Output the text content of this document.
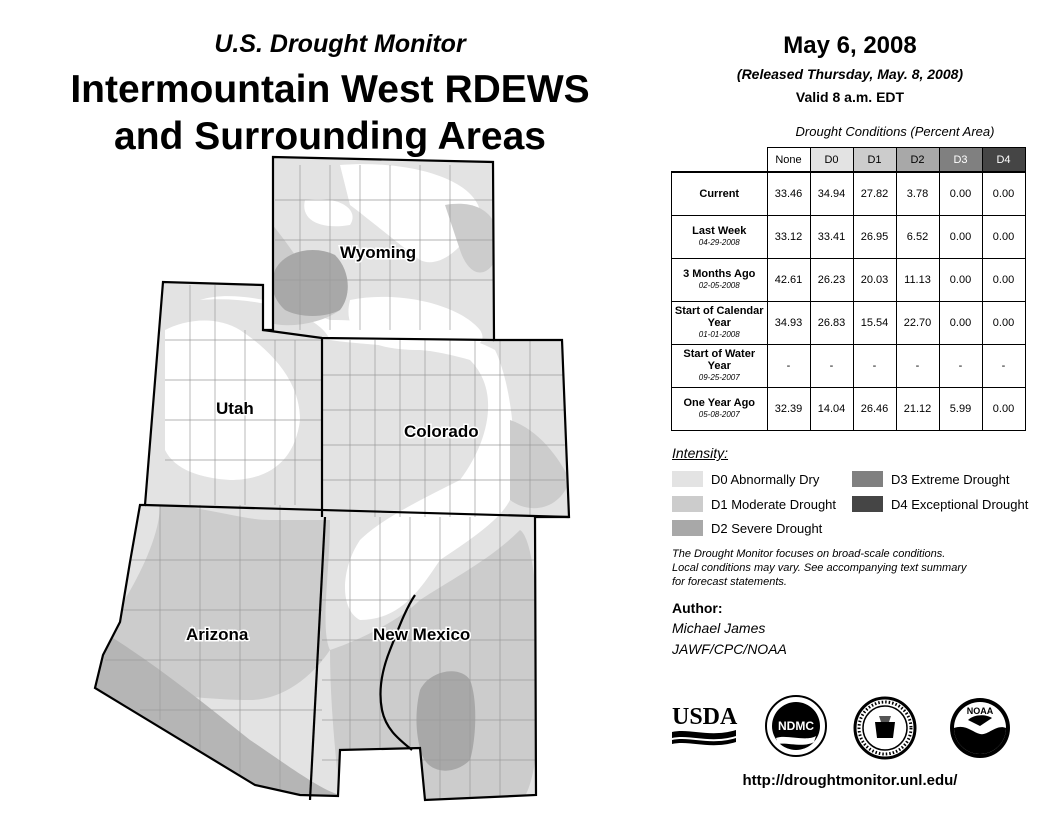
U.S. Drought Monitor
Intermountain West RDEWS
and Surrounding Areas
Wyoming
Utah
Colorado
Arizona	New Mexico
May 6, 2008
(Released Thursday, May. 8, 2008)
Valid 8 a.m. EDT
Drought Conditions (Percent Area)
	None	D0	D1	D2	D3	D4
Current	33.46	34.94	27.82	3.78	0.00	0.00
Last Week
04-29-2008	33.12	33.41	26.95	6.52	0.00	0.00
3 Months Ago
02-05-2008	42.61	26.23	20.03	11.13	0.00	0.00
Start of Calendar Year
01-01-2008	34.93	26.83	15.54	22.70	0.00	0.00
Start of Water Year
09-25-2007	-	-	-	-	-	-
One Year Ago
05-08-2007	32.39	14.04	26.46	21.12	5.99	0.00
Intensity:
D0 Abnormally Dry
D1 Moderate Drought
D2 Severe Drought
D3 Extreme Drought
D4 Exceptional Drought
The Drought Monitor focuses on broad-scale conditions.
Local conditions may vary. See accompanying text summary
for forecast statements.
Author:
Michael James
JAWF/CPC/NOAA
USDA	NDMC
NOAA
http://droughtmonitor.unl.edu/
